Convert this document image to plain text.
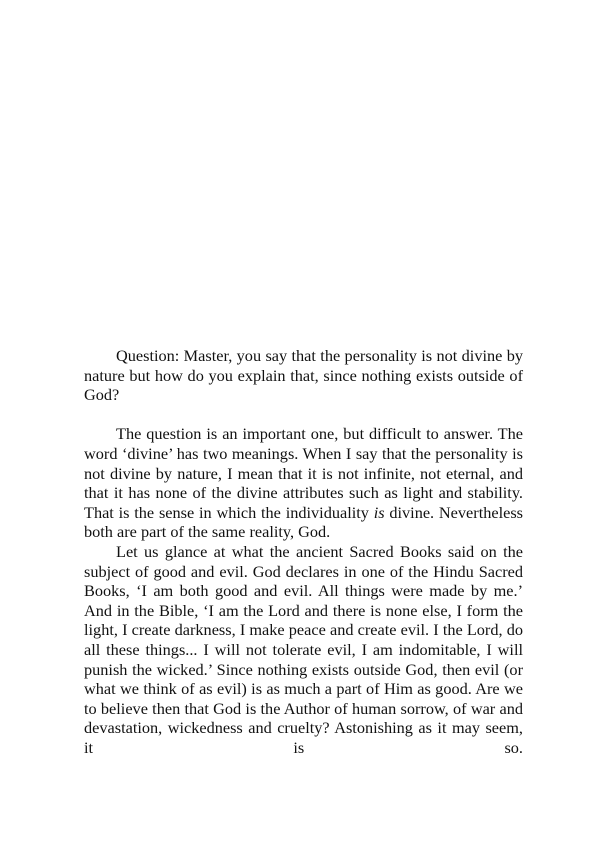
Question: Master, you say that the personality is not divine by nature but how do you explain that, since nothing exists outside of God?

The question is an important one, but difficult to answer. The word ‘divine’ has two meanings. When I say that the personality is not divine by nature, I mean that it is not infinite, not eternal, and that it has none of the divine attributes such as light and stability. That is the sense in which the individuality is divine. Nevertheless both are part of the same reality, God.

Let us glance at what the ancient Sacred Books said on the subject of good and evil. God declares in one of the Hindu Sacred Books, ‘I am both good and evil. All things were made by me.’ And in the Bible, ‘I am the Lord and there is none else, I form the light, I create darkness, I make peace and create evil. I the Lord, do all these things... I will not tolerate evil, I am indomitable, I will punish the wicked.’ Since nothing exists outside God, then evil (or what we think of as evil) is as much a part of Him as good. Are we to believe then that God is the Author of human sorrow, of war and devastation, wickedness and cruelty? Astonishing as it may seem, it is so.
